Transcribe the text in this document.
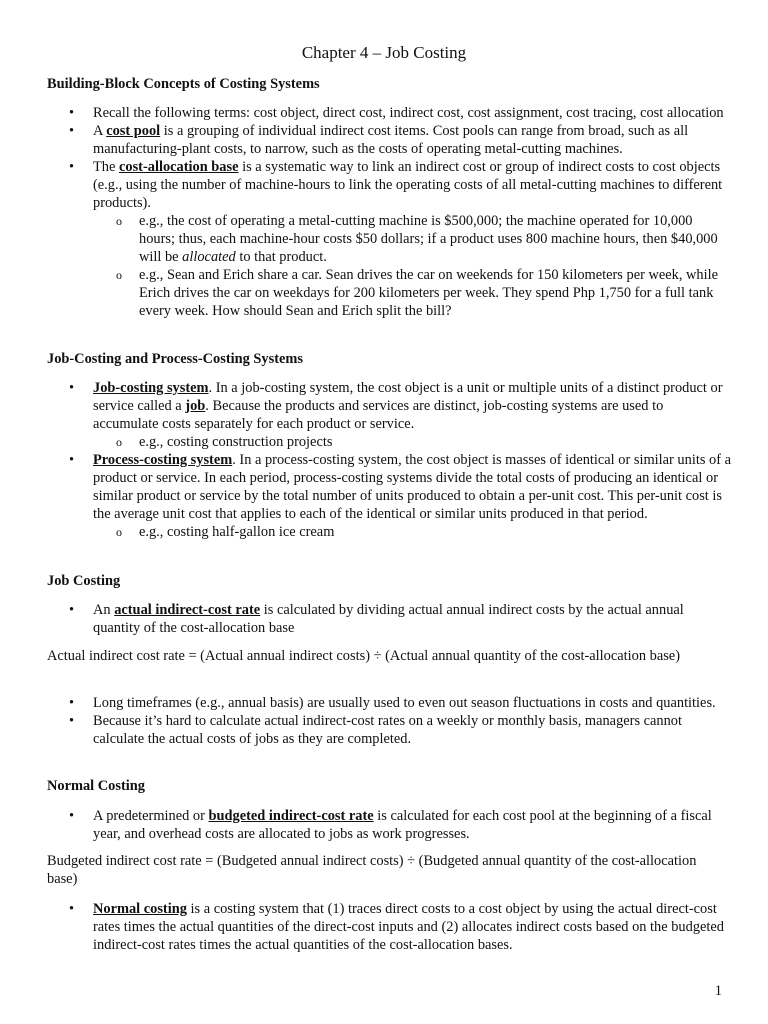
Chapter 4 – Job Costing
Building-Block Concepts of Costing Systems
• Recall the following terms: cost object, direct cost, indirect cost, cost assignment, cost tracing, cost allocation
• A cost pool is a grouping of individual indirect cost items. Cost pools can range from broad, such as all manufacturing-plant costs, to narrow, such as the costs of operating metal-cutting machines.
• The cost-allocation base is a systematic way to link an indirect cost or group of indirect costs to cost objects (e.g., using the number of machine-hours to link the operating costs of all metal-cutting machines to different products).
o e.g., the cost of operating a metal-cutting machine is $500,000; the machine operated for 10,000 hours; thus, each machine-hour costs $50 dollars; if a product uses 800 machine hours, then $40,000 will be allocated to that product.
o e.g., Sean and Erich share a car. Sean drives the car on weekends for 150 kilometers per week, while Erich drives the car on weekdays for 200 kilometers per week. They spend Php 1,750 for a full tank every week. How should Sean and Erich split the bill?
Job-Costing and Process-Costing Systems
• Job-costing system. In a job-costing system, the cost object is a unit or multiple units of a distinct product or service called a job. Because the products and services are distinct, job-costing systems are used to accumulate costs separately for each product or service.
o e.g., costing construction projects
• Process-costing system. In a process-costing system, the cost object is masses of identical or similar units of a product or service. In each period, process-costing systems divide the total costs of producing an identical or similar product or service by the total number of units produced to obtain a per-unit cost. This per-unit cost is the average unit cost that applies to each of the identical or similar units produced in that period.
o e.g., costing half-gallon ice cream
Job Costing
• An actual indirect-cost rate is calculated by dividing actual annual indirect costs by the actual annual quantity of the cost-allocation base
Actual indirect cost rate = (Actual annual indirect costs) ÷ (Actual annual quantity of the cost-allocation base)
• Long timeframes (e.g., annual basis) are usually used to even out season fluctuations in costs and quantities.
• Because it’s hard to calculate actual indirect-cost rates on a weekly or monthly basis, managers cannot calculate the actual costs of jobs as they are completed.
Normal Costing
• A predetermined or budgeted indirect-cost rate is calculated for each cost pool at the beginning of a fiscal year, and overhead costs are allocated to jobs as work progresses.
Budgeted indirect cost rate = (Budgeted annual indirect costs) ÷ (Budgeted annual quantity of the cost-allocation base)
• Normal costing is a costing system that (1) traces direct costs to a cost object by using the actual direct-cost rates times the actual quantities of the direct-cost inputs and (2) allocates indirect costs based on the budgeted indirect-cost rates times the actual quantities of the cost-allocation bases.
1
